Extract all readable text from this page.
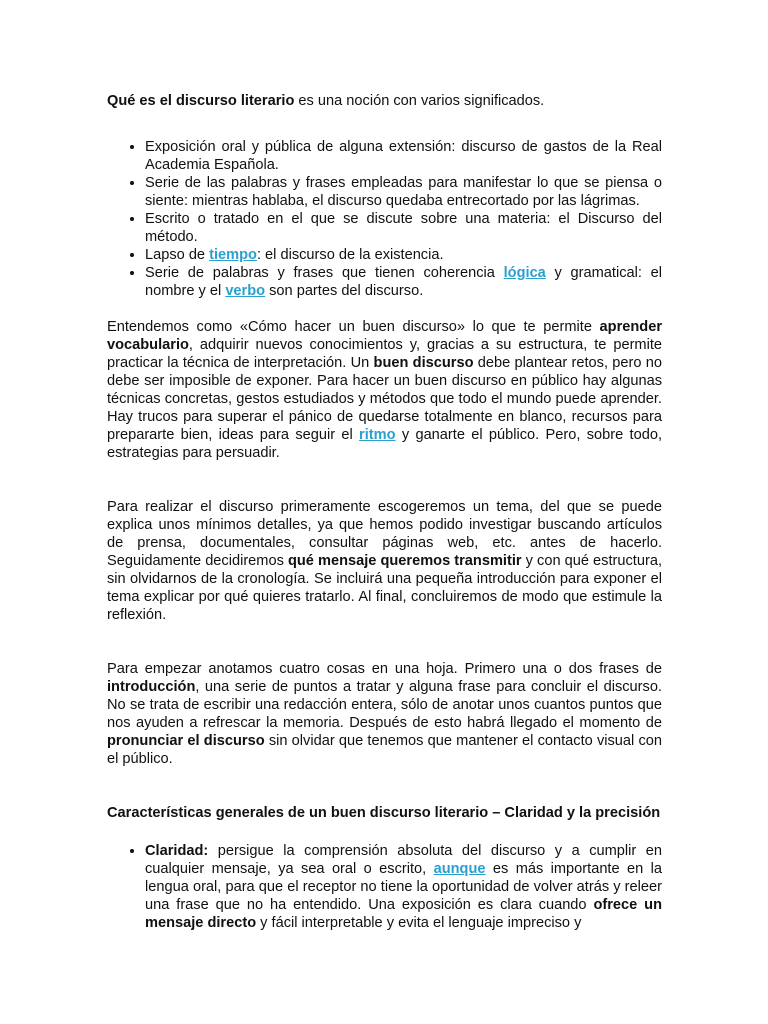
Qué es el discurso literario es una noción con varios significados.

• Exposición oral y pública de alguna extensión: discurso de gastos de la Real Academia Española.
• Serie de las palabras y frases empleadas para manifestar lo que se piensa o siente: mientras hablaba, el discurso quedaba entrecortado por las lágrimas.
• Escrito o tratado en el que se discute sobre una materia: el Discurso del método.
• Lapso de tiempo: el discurso de la existencia.
• Serie de palabras y frases que tienen coherencia lógica y gramatical: el nombre y el verbo son partes del discurso.

Entendemos como «Cómo hacer un buen discurso» lo que te permite aprender vocabulario, adquirir nuevos conocimientos y, gracias a su estructura, te permite practicar la técnica de interpretación. Un buen discurso debe plantear retos, pero no debe ser imposible de exponer. Para hacer un buen discurso en público hay algunas técnicas concretas, gestos estudiados y métodos que todo el mundo puede aprender. Hay trucos para superar el pánico de quedarse totalmente en blanco, recursos para prepararte bien, ideas para seguir el ritmo y ganarte el público. Pero, sobre todo, estrategias para persuadir.

Para realizar el discurso primeramente escogeremos un tema, del que se puede explica unos mínimos detalles, ya que hemos podido investigar buscando artículos de prensa, documentales, consultar páginas web, etc. antes de hacerlo. Seguidamente decidiremos qué mensaje queremos transmitir y con qué estructura, sin olvidarnos de la cronología. Se incluirá una pequeña introducción para exponer el tema explicar por qué quieres tratarlo. Al final, concluiremos de modo que estimule la reflexión.

Para empezar anotamos cuatro cosas en una hoja. Primero una o dos frases de introducción, una serie de puntos a tratar y alguna frase para concluir el discurso. No se trata de escribir una redacción entera, sólo de anotar unos cuantos puntos que nos ayuden a refrescar la memoria. Después de esto habrá llegado el momento de pronunciar el discurso sin olvidar que tenemos que mantener el contacto visual con el público.

Características generales de un buen discurso literario – Claridad y la precisión

• Claridad: persigue la comprensión absoluta del discurso y a cumplir en cualquier mensaje, ya sea oral o escrito, aunque es más importante en la lengua oral, para que el receptor no tiene la oportunidad de volver atrás y releer una frase que no ha entendido. Una exposición es clara cuando ofrece un mensaje directo y fácil interpretable y evita el lenguaje impreciso y
